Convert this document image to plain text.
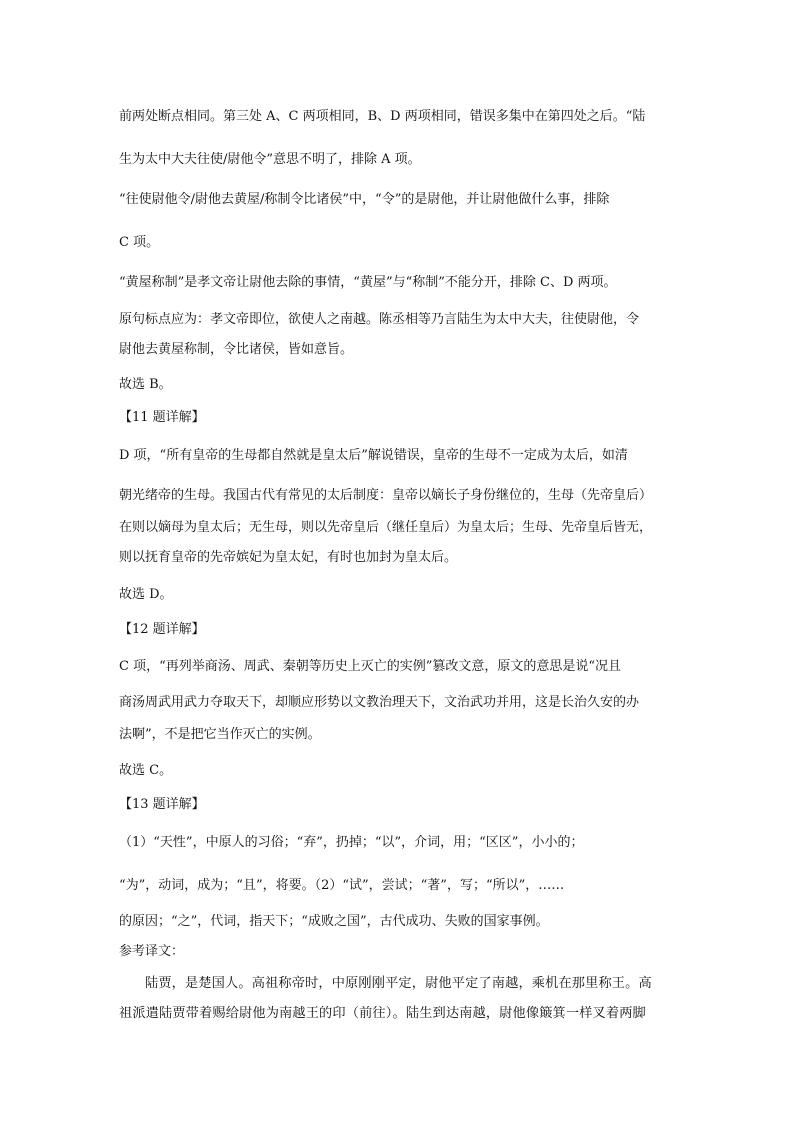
前两处断点相同。第三处 A、C 两项相同，B、D 两项相同，错误多集中在第四处之后。“陆
生为太中大夫往使/尉他令”意思不明了，排除 A 项。
“往使尉他令/尉他去黄屋/称制令比诸侯”中，“令”的是尉他，并让尉他做什么事，排除
C 项。
“黄屋称制”是孝文帝让尉他去除的事情，“黄屋”与“称制”不能分开，排除 C、D 两项。
原句标点应为：孝文帝即位，欲使人之南越。陈丞相等乃言陆生为太中大夫，往使尉他，令
尉他去黄屋称制，令比诸侯，皆如意旨。
故选 B。
【11 题详解】
D 项，“所有皇帝的生母都自然就是皇太后”解说错误，皇帝的生母不一定成为太后，如清
朝光绪帝的生母。我国古代有常见的太后制度：皇帝以嫡长子身份继位的，生母（先帝皇后）
在则以嫡母为皇太后；无生母，则以先帝皇后（继任皇后）为皇太后；生母、先帝皇后皆无，
则以抚育皇帝的先帝嫔妃为皇太妃，有时也加封为皇太后。
故选 D。
【12 题详解】
C 项，“再列举商汤、周武、秦朝等历史上灭亡的实例”篡改文意，原文的意思是说“况且
商汤周武用武力夺取天下，却顺应形势以文教治理天下，文治武功并用，这是长治久安的办
法啊”，不是把它当作灭亡的实例。
故选 C。
【13 题详解】
（1）“天性”，中原人的习俗；“弃”，扔掉；“以”，介词，用；“区区”，小小的；
“为”，动词，成为；“且”，将要。（2）“试”，尝试；“著”，写；“所以”，……
的原因；“之”，代词，指天下；“成败之国”，古代成功、失败的国家事例。
参考译文：
陆贾，是楚国人。高祖称帝时，中原刚刚平定，尉他平定了南越，乘机在那里称王。高
祖派遣陆贾带着赐给尉他为南越王的印（前往）。陆生到达南越，尉他像簸箕一样叉着两脚
